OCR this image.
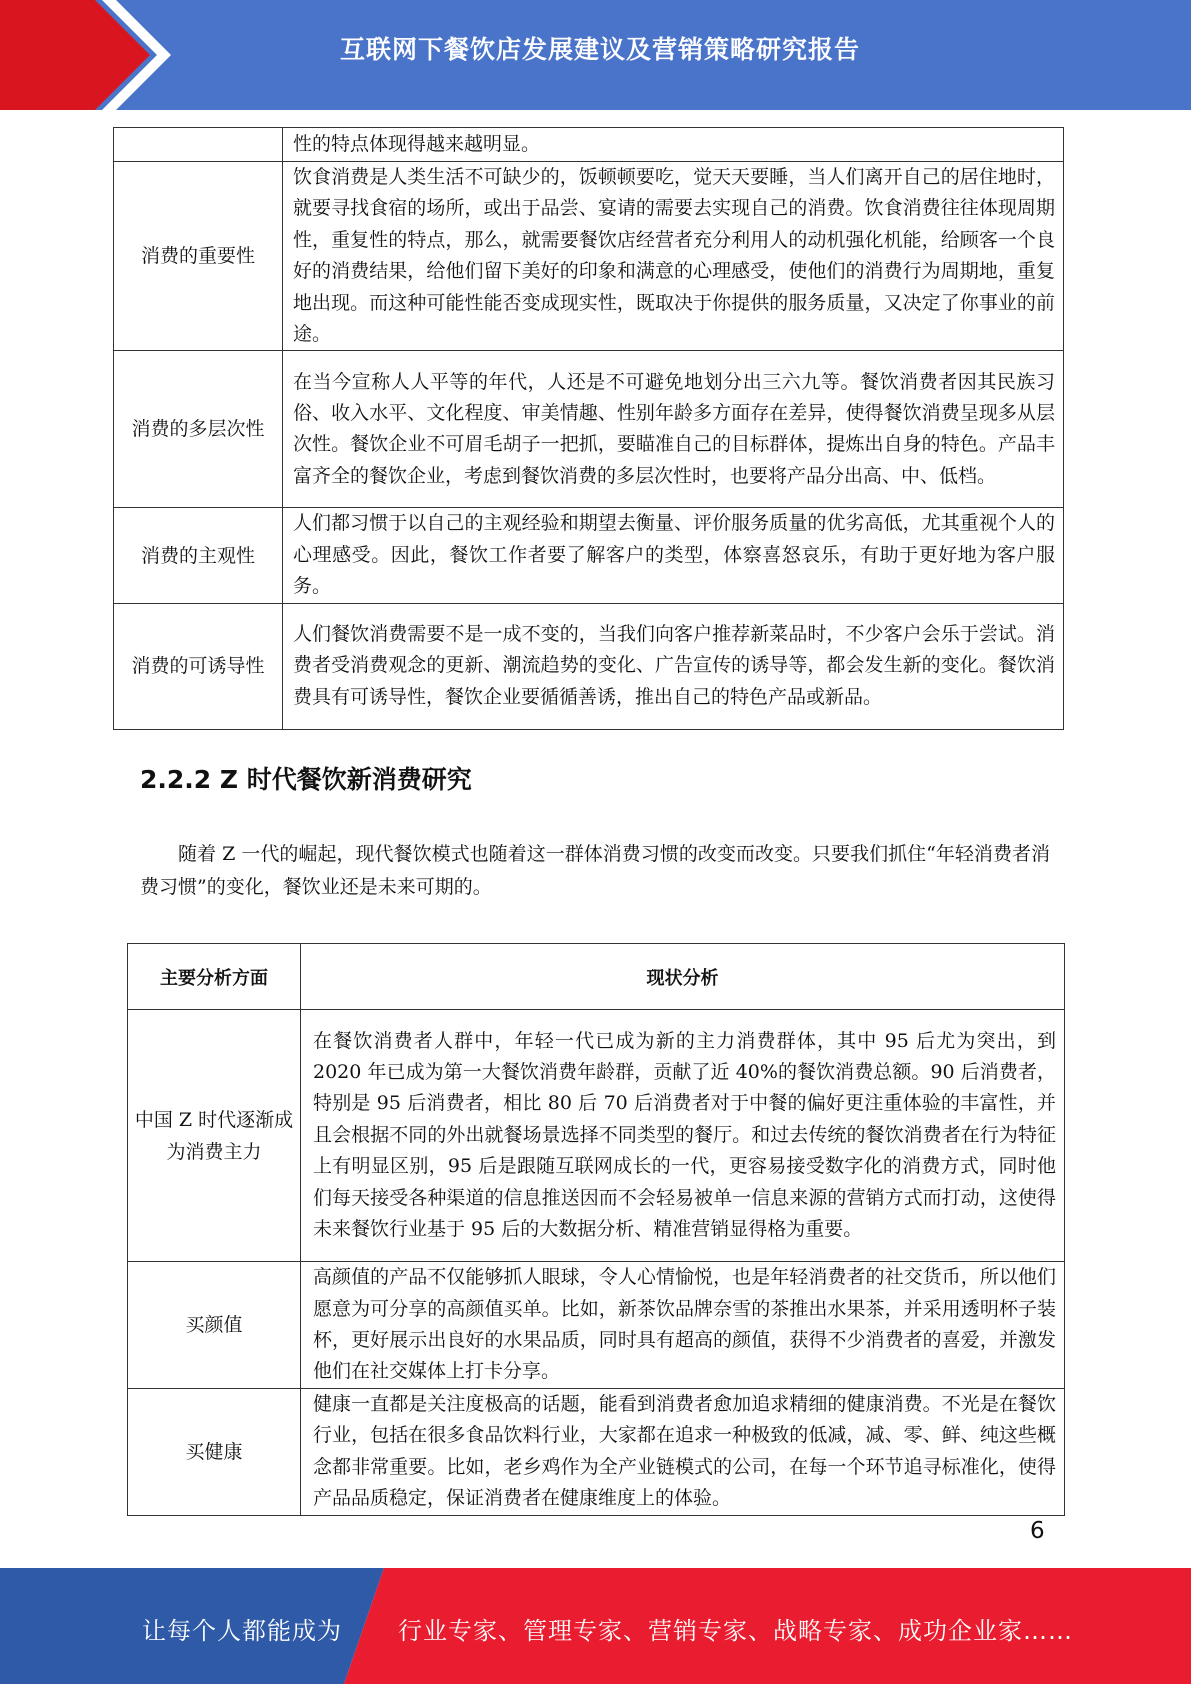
互联网下餐饮店发展建议及营销策略研究报告
	性的特点体现得越来越明显。
消费的重要性	饮食消费是人类生活不可缺少的，饭顿顿要吃，觉天天要睡，当人们离开自己的居住地时，就要寻找食宿的场所，或出于品尝、宴请的需要去实现自己的消费。饮食消费往往体现周期性，重复性的特点，那么，就需要餐饮店经营者充分利用人的动机强化机能，给顾客一个良好的消费结果，给他们留下美好的印象和满意的心理感受，使他们的消费行为周期地，重复地出现。而这种可能性能否变成现实性，既取决于你提供的服务质量，又决定了你事业的前途。
消费的多层次性	在当今宣称人人平等的年代，人还是不可避免地划分出三六九等。餐饮消费者因其民族习俗、收入水平、文化程度、审美情趣、性别年龄多方面存在差异，使得餐饮消费呈现多从层次性。餐饮企业不可眉毛胡子一把抓，要瞄准自己的目标群体，提炼出自身的特色。产品丰富齐全的餐饮企业，考虑到餐饮消费的多层次性时，也要将产品分出高、中、低档。
消费的主观性	人们都习惯于以自己的主观经验和期望去衡量、评价服务质量的优劣高低，尤其重视个人的心理感受。因此，餐饮工作者要了解客户的类型，体察喜怒哀乐，有助于更好地为客户服务。
消费的可诱导性	人们餐饮消费需要不是一成不变的，当我们向客户推荐新菜品时，不少客户会乐于尝试。消费者受消费观念的更新、潮流趋势的变化、广告宣传的诱导等，都会发生新的变化。餐饮消费具有可诱导性，餐饮企业要循循善诱，推出自己的特色产品或新品。
2.2.2 Z 时代餐饮新消费研究

随着 Z 一代的崛起，现代餐饮模式也随着这一群体消费习惯的改变而改变。只要我们抓住“年轻消费者消费习惯”的变化，餐饮业还是未来可期的。

主要分析方面	现状分析
中国 Z 时代逐渐成为消费主力	在餐饮消费者人群中，年轻一代已成为新的主力消费群体，其中 95 后尤为突出，到 2020 年已成为第一大餐饮消费年龄群，贡献了近 40%的餐饮消费总额。90 后消费者，特别是 95 后消费者，相比 80 后 70 后消费者对于中餐的偏好更注重体验的丰富性，并且会根据不同的外出就餐场景选择不同类型的餐厅。和过去传统的餐饮消费者在行为特征上有明显区别，95 后是跟随互联网成长的一代，更容易接受数字化的消费方式，同时他们每天接受各种渠道的信息推送因而不会轻易被单一信息来源的营销方式而打动，这使得未来餐饮行业基于 95 后的大数据分析、精准营销显得格为重要。
买颜值	高颜值的产品不仅能够抓人眼球，令人心情愉悦，也是年轻消费者的社交货币，所以他们愿意为可分享的高颜值买单。比如，新茶饮品牌奈雪的茶推出水果茶，并采用透明杯子装杯，更好展示出良好的水果品质，同时具有超高的颜值，获得不少消费者的喜爱，并激发他们在社交媒体上打卡分享。
买健康	健康一直都是关注度极高的话题，能看到消费者愈加追求精细的健康消费。不光是在餐饮行业，包括在很多食品饮料行业，大家都在追求一种极致的低减，减、零、鲜、纯这些概念都非常重要。比如，老乡鸡作为全产业链模式的公司，在每一个环节追寻标准化，使得产品品质稳定，保证消费者在健康维度上的体验。
6
让每个人都能成为 行业专家、管理专家、营销专家、战略专家、成功企业家……
